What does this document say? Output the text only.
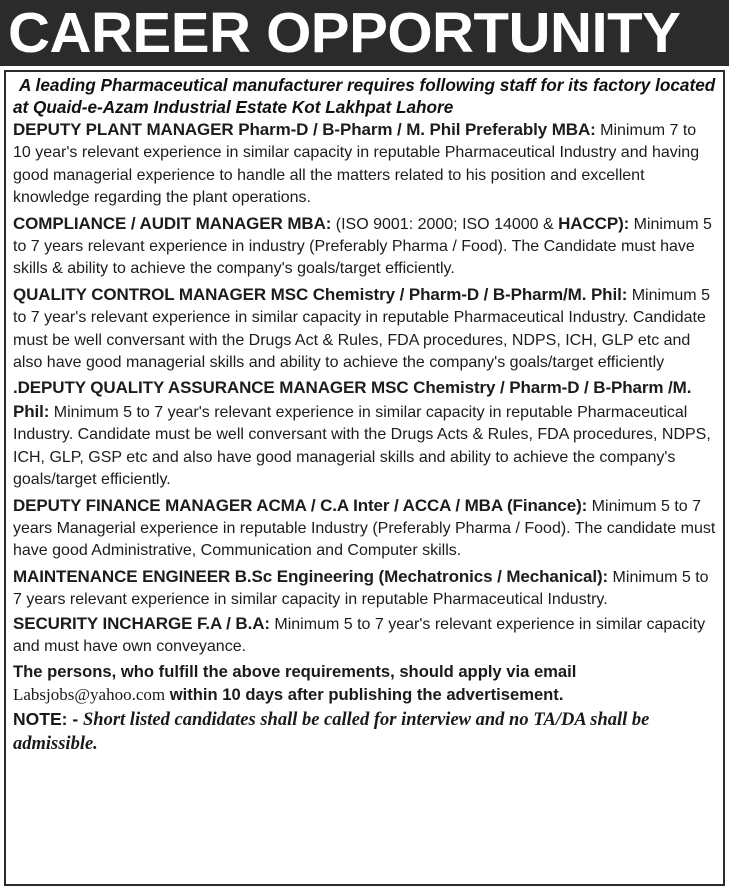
CAREER OPPORTUNITY

A leading Pharmaceutical manufacturer requires following staff for its factory located at Quaid-e-Azam Industrial Estate Kot Lakhpat Lahore

DEPUTY PLANT MANAGER Pharm-D / B-Pharm / M. Phil Preferably MBA: Minimum 7 to 10 year's relevant experience in similar capacity in reputable Pharmaceutical Industry and having good managerial experience to handle all the matters related to his position and excellent knowledge regarding the plant operations.

COMPLIANCE / AUDIT MANAGER MBA: (ISO 9001: 2000; ISO 14000 & HACCP): Minimum 5 to 7 years relevant experience in industry (Preferably Pharma / Food). The Candidate must have skills & ability to achieve the company's goals/target efficiently.

QUALITY CONTROL MANAGER MSC Chemistry / Pharm-D / B-Pharm/M. Phil: Minimum 5 to 7 year's relevant experience in similar capacity in reputable Pharmaceutical Industry. Candidate must be well conversant with the Drugs Act & Rules, FDA procedures, NDPS, ICH, GLP etc and also have good managerial skills and ability to achieve the company's goals/target efficiently

.DEPUTY QUALITY ASSURANCE MANAGER MSC Chemistry / Pharm-D / B-Pharm /M. Phil: Minimum 5 to 7 year's relevant experience in similar capacity in reputable Pharmaceutical Industry. Candidate must be well conversant with the Drugs Acts & Rules, FDA procedures, NDPS, ICH, GLP, GSP etc and also have good managerial skills and ability to achieve the company's goals/target efficiently.

DEPUTY FINANCE MANAGER ACMA / C.A Inter / ACCA / MBA (Finance): Minimum 5 to 7 years Managerial experience in reputable Industry (Preferably Pharma / Food). The candidate must have good Administrative, Communication and Computer skills.

MAINTENANCE ENGINEER B.Sc Engineering (Mechatronics / Mechanical): Minimum 5 to 7 years relevant experience in similar capacity in reputable Pharmaceutical Industry.

SECURITY INCHARGE F.A / B.A: Minimum 5 to 7 year's relevant experience in similar capacity and must have own conveyance.

The persons, who fulfill the above requirements, should apply via email

Labsjobs@yahoo.com within 10 days after publishing the advertisement.

NOTE: - Short listed candidates shall be called for interview and no TA/DA shall be admissible.
